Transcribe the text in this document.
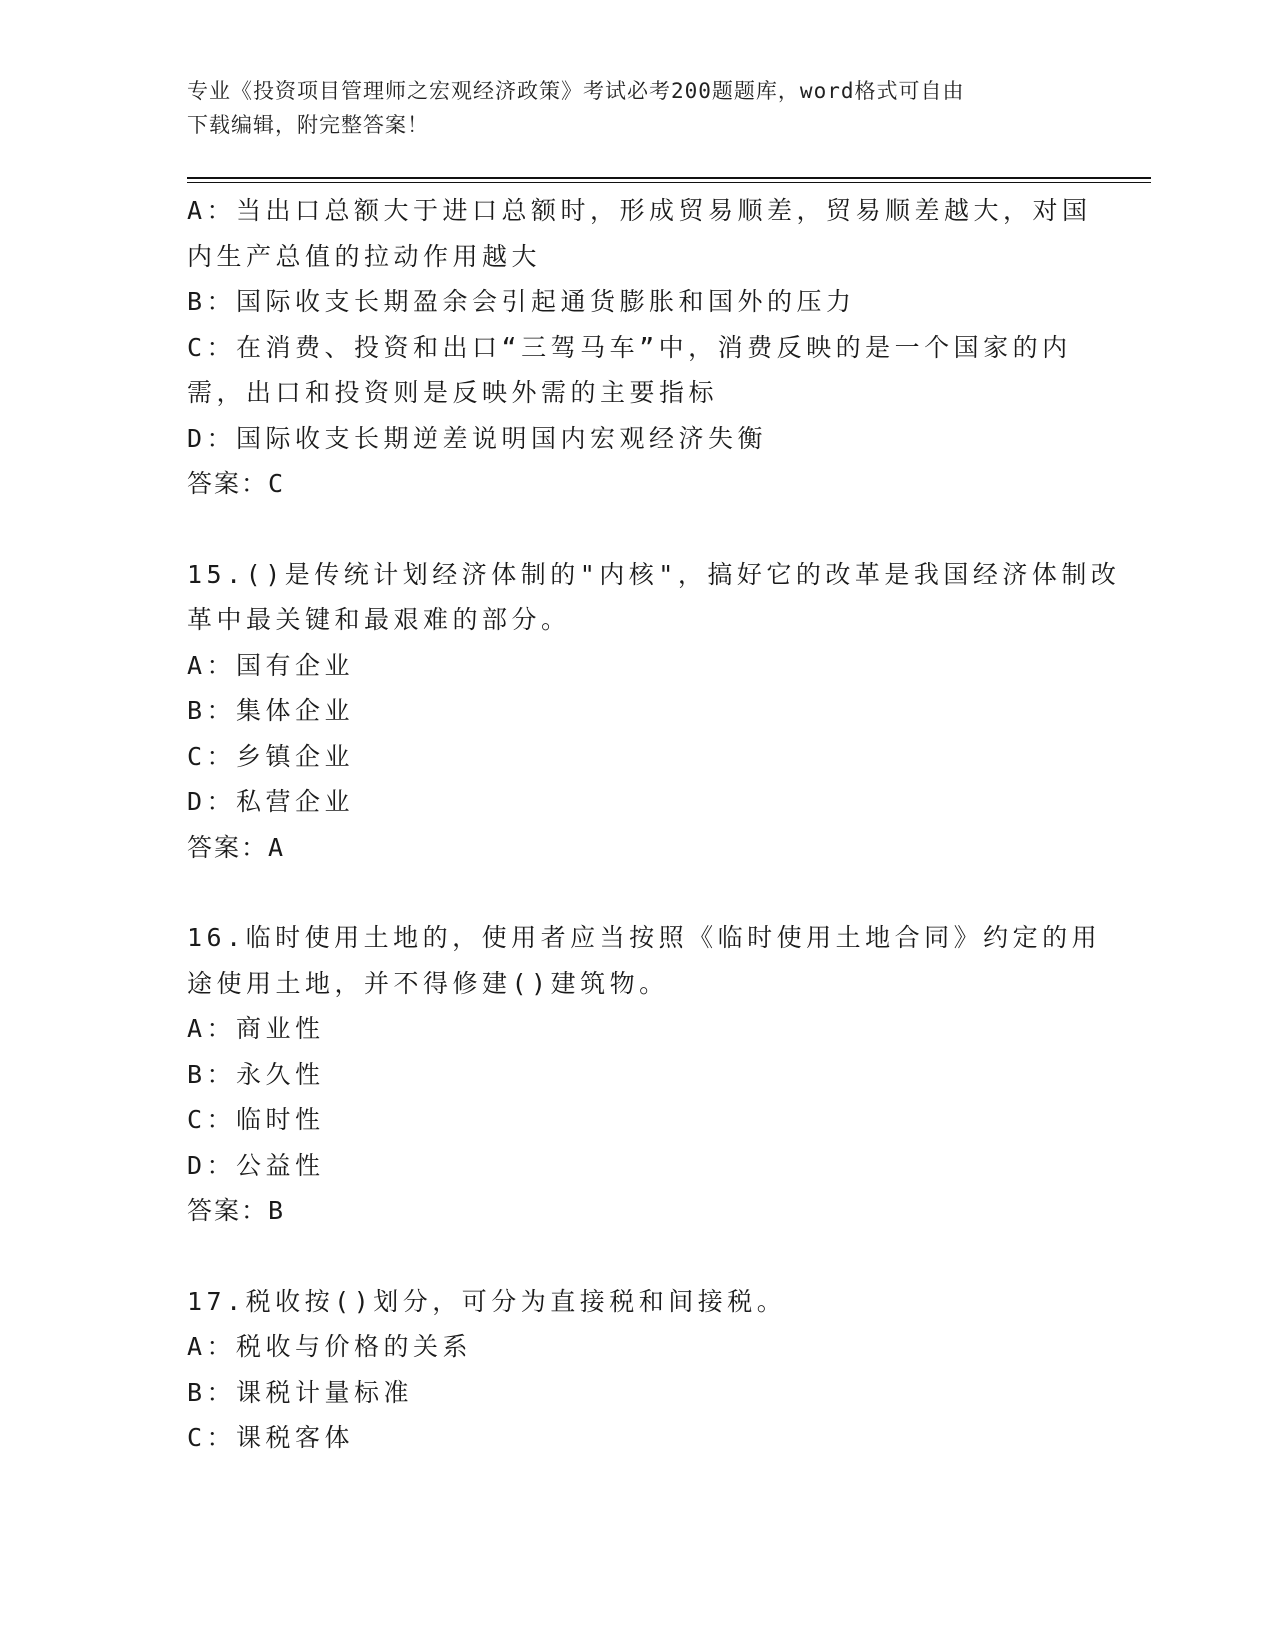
专业《投资项目管理师之宏观经济政策》考试必考200题题库，word格式可自由
下载编辑，附完整答案！
A：当出口总额大于进口总额时，形成贸易顺差，贸易顺差越大，对国
内生产总值的拉动作用越大
B：国际收支长期盈余会引起通货膨胀和国外的压力
C：在消费、投资和出口“三驾马车”中，消费反映的是一个国家的内
需，出口和投资则是反映外需的主要指标
D：国际收支长期逆差说明国内宏观经济失衡
答案：C
15.()是传统计划经济体制的"内核"，搞好它的改革是我国经济体制改
革中最关键和最艰难的部分。
A：国有企业
B：集体企业
C：乡镇企业
D：私营企业
答案：A
16.临时使用土地的，使用者应当按照《临时使用土地合同》约定的用
途使用土地，并不得修建()建筑物。
A：商业性
B：永久性
C：临时性
D：公益性
答案：B
17.税收按()划分，可分为直接税和间接税。
A：税收与价格的关系
B：课税计量标准
C：课税客体
